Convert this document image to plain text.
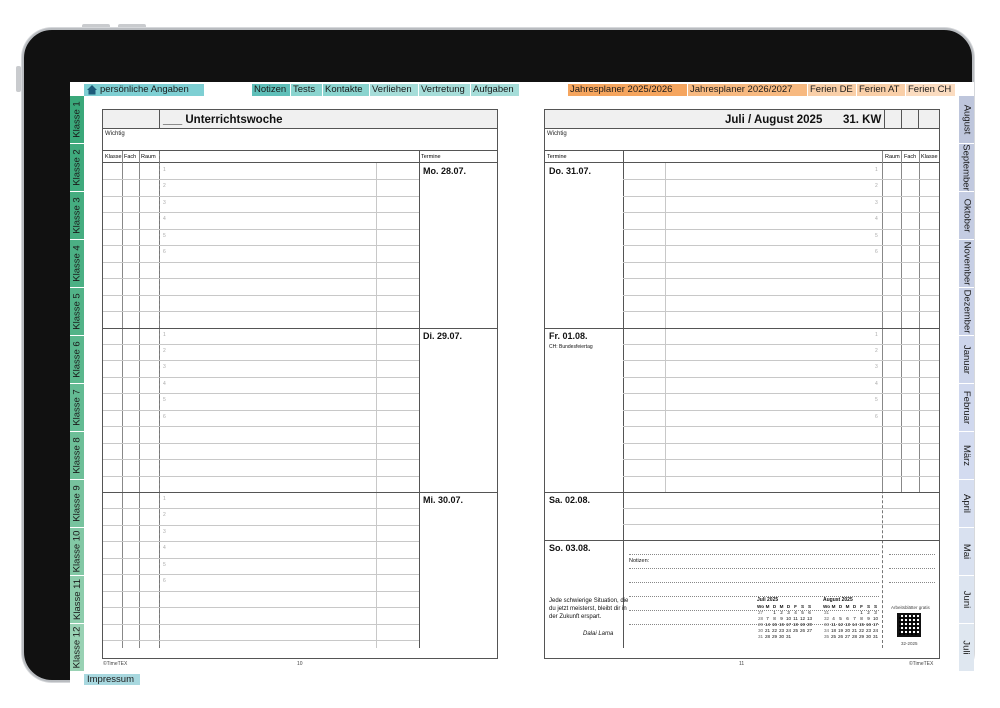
persönliche Angaben	Notizen Tests	Kontakte	Verliehen Vertretung Aufgaben	Jahresplaner 2025/2026	Jahresplaner 2026/2027	Ferien DE Ferien AT Ferien CH
Klasse 1
Klasse 2
Klasse 3
Klasse 4
Klasse 5
Klasse 6
Klasse 7
Klasse 8
Klasse 9
Klasse 10
Klasse 11
Klasse 12
August
September
Oktober
November
Dezember
Januar
Februar
März
April
Mai
Juni
Juli
___ Unterrichtswoche
Wichtig
Klasse Fach Raum	Termine
Mo. 28.07.
1
2
3
4
5
6
Di. 29.07.
1
2
3
4
5
6
Mi. 30.07.
1
2
3
4
5
6
©TimeTEX	10
Juli / August 2025 31. KW
Wichtig
Termine	Raum Fach Klasse
Do. 31.07.	1
2
3
4
5
6
Fr. 01.08.
CH: Bundesfeiertag
1
2
3
4
5
6
Sa. 02.08.
So. 03.08.
Notizen:
Jede schwierige Situation, die du jetzt meisterst, bleibt dir in der Zukunft erspart.
Dalai Lama
Juli 2025
Wo	M	D	M	D	F	S	S
27		1	2	3	4	5	6
28	7	8	9	10	11	12	13
29	14	15	16	17	18	19	20
30	21	22	23	24	25	26	27
31	28	29	30	31			
August 2025
Wo	M	D	M	D	F	S	S
31					1	2	3
32	4	5	6	7	8	9	10
33	11	12	13	14	15	16	17
34	18	19	20	21	22	23	24
35	25	26	27	28	29	30	31
Arbeitsblätter gratis
32-2025
11	©TimeTEX
Impressum
